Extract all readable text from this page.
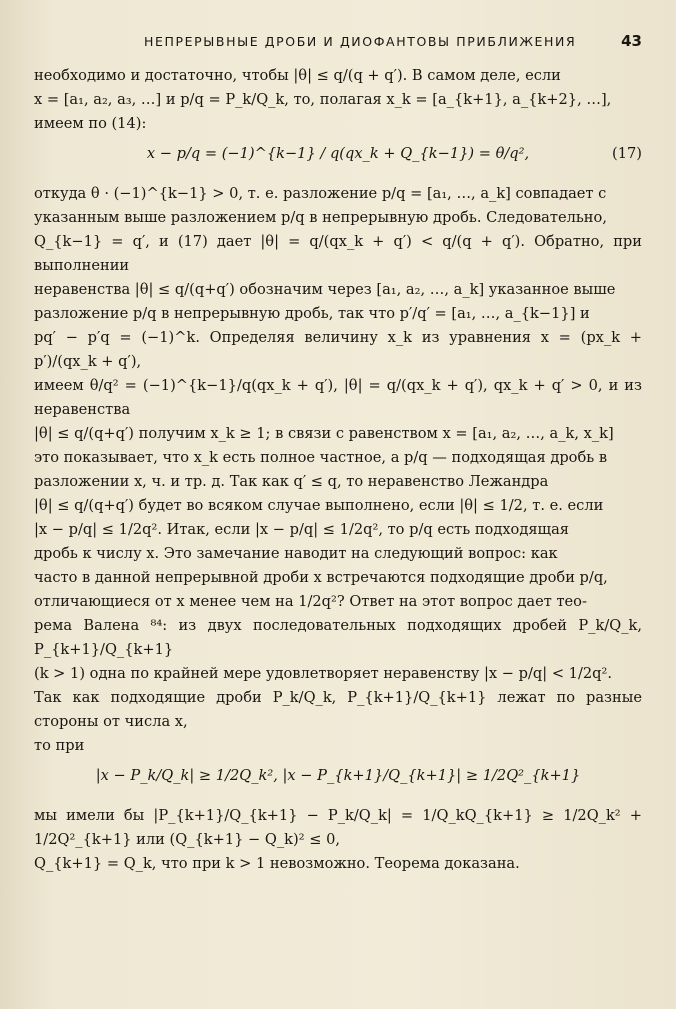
НЕПРЕРЫВНЫЕ ДРОБИ И ДИОФАНТОВЫ ПРИБЛИЖЕНИЯ	43
необходимо и достаточно, чтобы |θ| ≤ q/(q + q′). В самом деле, если
x = [a₁, a₂, a₃, …] и p/q = P_k/Q_k, то, полагая x_k = [a_{k+1}, a_{k+2}, …],
имеем по (14):
x − p/q = (−1)^{k−1} / q(qx_k + Q_{k−1}) = θ/q²,	(17)
откуда θ · (−1)^{k−1} > 0, т. е. разложение p/q = [a₁, …, a_k] совпадает с
указанным выше разложением p/q в непрерывную дробь. Следовательно,
Q_{k−1} = q′, и (17) дает |θ| = q/(qx_k + q′) < q/(q + q′). Обратно, при выполнении
неравенства |θ| ≤ q/(q+q′) обозначим через [a₁, a₂, …, a_k] указанное выше
разложение p/q в непрерывную дробь, так что p′/q′ = [a₁, …, a_{k−1}] и
pq′ − p′q = (−1)^k. Определяя величину x_k из уравнения x = (px_k + p′)/(qx_k + q′),
имеем θ/q² = (−1)^{k−1}/q(qx_k + q′), |θ| = q/(qx_k + q′), qx_k + q′ > 0, и из неравенства
|θ| ≤ q/(q+q′) получим x_k ≥ 1; в связи с равенством x = [a₁, a₂, …, a_k, x_k]
это показывает, что x_k есть полное частное, а p/q — подходящая дробь в
разложении x, ч. и тр. д. Так как q′ ≤ q, то неравенство Лежандра
|θ| ≤ q/(q+q′) будет во всяком случае выполнено, если |θ| ≤ 1/2, т. е. если
|x − p/q| ≤ 1/2q². Итак, если |x − p/q| ≤ 1/2q², то p/q есть подходящая
дробь к числу x. Это замечание наводит на следующий вопрос: как
часто в данной непрерывной дроби x встречаются подходящие дроби p/q,
отличающиеся от x менее чем на 1/2q²? Ответ на этот вопрос дает тео-
рема Валена ⁸⁴: из двух последовательных подходящих дробей P_k/Q_k, P_{k+1}/Q_{k+1}
(k > 1) одна по крайней мере удовлетворяет неравенству |x − p/q| < 1/2q².
Так как подходящие дроби P_k/Q_k, P_{k+1}/Q_{k+1} лежат по разные стороны от числа x,
то при
|x − P_k/Q_k| ≥ 1/2Q_k², |x − P_{k+1}/Q_{k+1}| ≥ 1/2Q²_{k+1}
мы имели бы |P_{k+1}/Q_{k+1} − P_k/Q_k| = 1/Q_kQ_{k+1} ≥ 1/2Q_k² + 1/2Q²_{k+1} или (Q_{k+1} − Q_k)² ≤ 0,
Q_{k+1} = Q_k, что при k > 1 невозможно. Теорема доказана.
